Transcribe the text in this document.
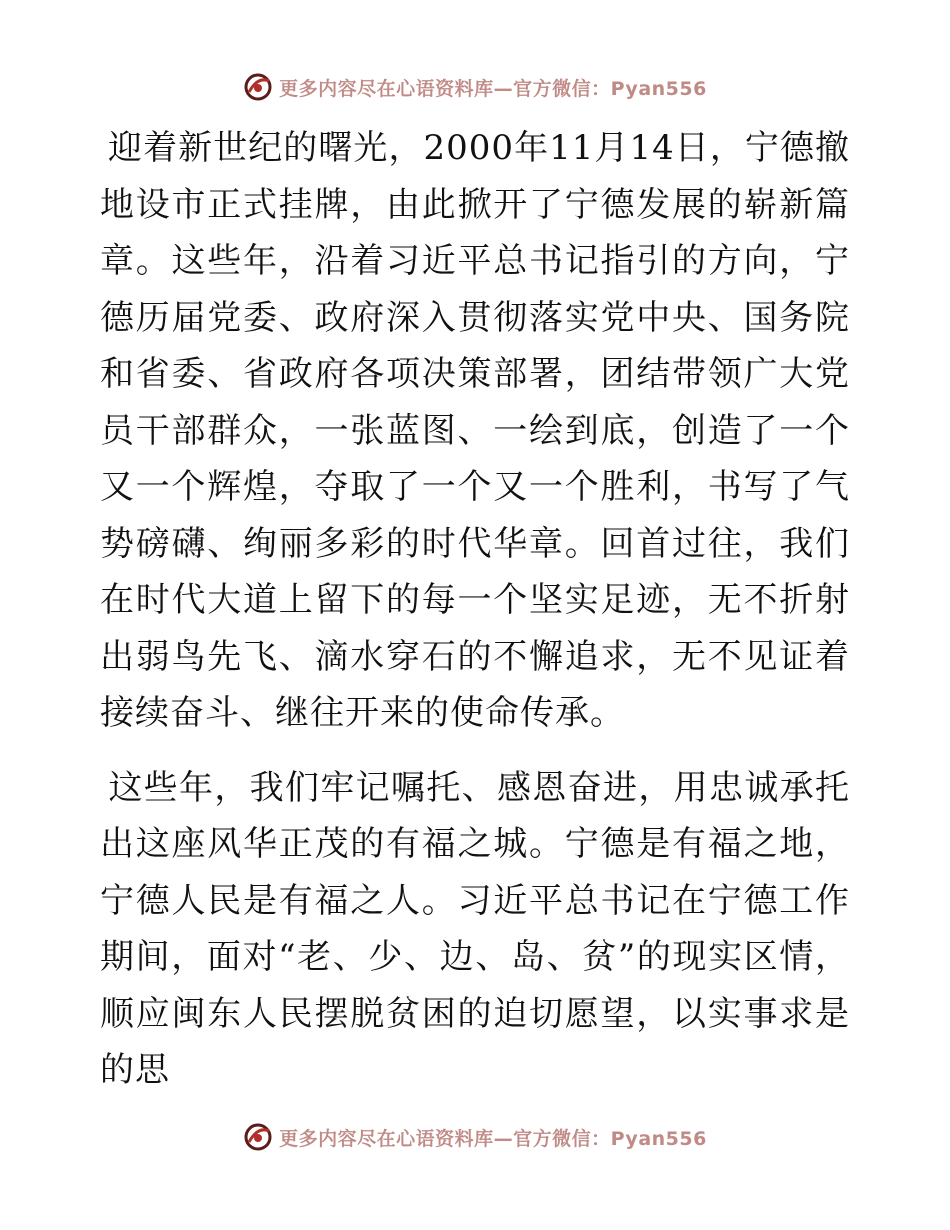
更多内容尽在心语资料库—官方微信：Pyan556

迎着新世纪的曙光，2000年11月14日，宁德撤地设市正式挂牌，由此掀开了宁德发展的崭新篇章。这些年，沿着习近平总书记指引的方向，宁德历届党委、政府深入贯彻落实党中央、国务院和省委、省政府各项决策部署，团结带领广大党员干部群众，一张蓝图、一绘到底，创造了一个又一个辉煌，夺取了一个又一个胜利，书写了气势磅礴、绚丽多彩的时代华章。回首过往，我们在时代大道上留下的每一个坚实足迹，无不折射出弱鸟先飞、滴水穿石的不懈追求，无不见证着接续奋斗、继往开来的使命传承。

这些年，我们牢记嘱托、感恩奋进，用忠诚承托出这座风华正茂的有福之城。宁德是有福之地，宁德人民是有福之人。习近平总书记在宁德工作期间，面对“老、少、边、岛、贫”的现实区情，顺应闽东人民摆脱贫困的迫切愿望，以实事求是的思

更多内容尽在心语资料库—官方微信：Pyan556
